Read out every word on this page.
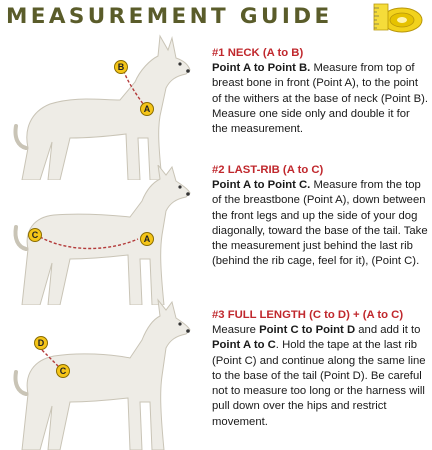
MEASUREMENT GUIDE
B
A
C	A
D
C
#1 NECK (A to B)
Point A to Point B. Measure from top of breast bone in front (Point A), to the point of the withers at the base of neck (Point B). Measure one side only and double it for the measurement.
#2 LAST-RIB (A to C)
Point A to Point C. Measure from the top of the breastbone (Point A), down between the front legs and up the side of your dog diagonally, toward the base of the tail. Take the measurement just behind the last rib (behind the rib cage, feel for it), (Point C).
#3 FULL LENGTH (C to D) + (A to C)
Measure Point C to Point D and add it to Point A to C. Hold the tape at the last rib (Point C) and continue along the same line to the base of the tail (Point D). Be careful not to measure too long or the harness will pull down over the hips and restrict movement.
